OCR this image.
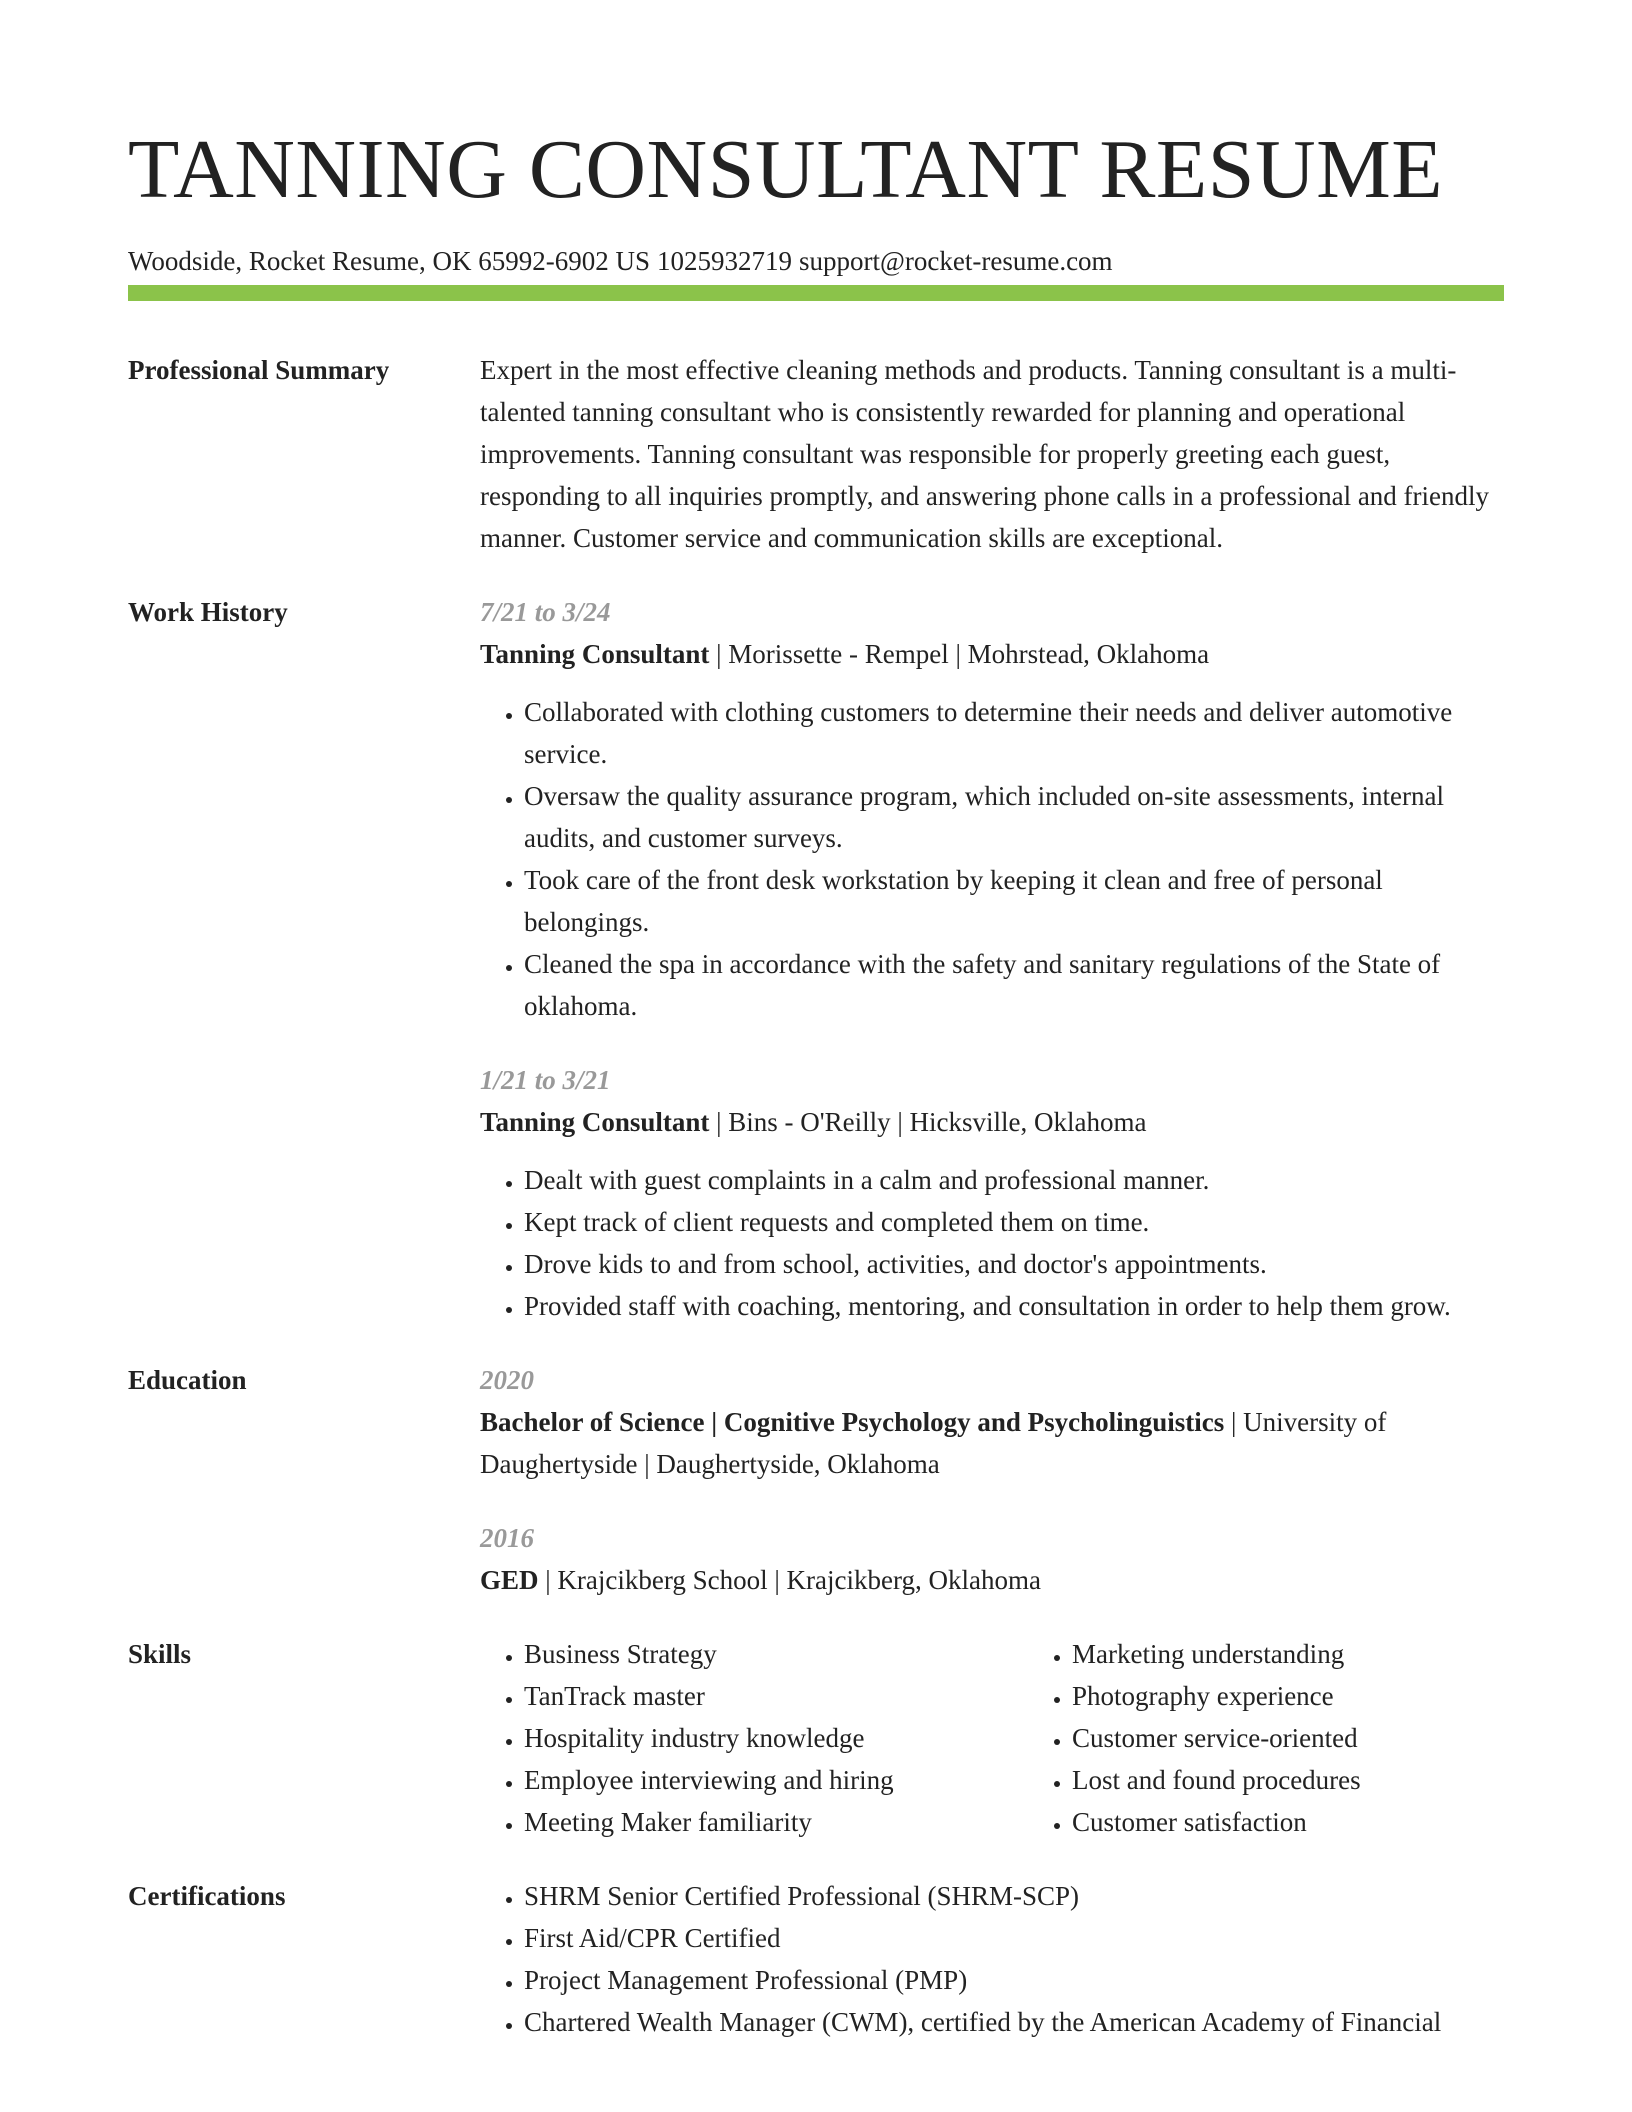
TANNING CONSULTANT RESUME
Woodside, Rocket Resume, OK 65992-6902 US 1025932719 support@rocket-resume.com
Professional Summary	Expert in the most effective cleaning methods and products. Tanning consultant is a multi-talented tanning consultant who is consistently rewarded for planning and operational improvements. Tanning consultant was responsible for properly greeting each guest, responding to all inquiries promptly, and answering phone calls in a professional and friendly manner. Customer service and communication skills are exceptional.

Work History	7/21 to 3/24
Tanning Consultant | Morissette - Rempel | Mohrstead, Oklahoma
• Collaborated with clothing customers to determine their needs and deliver automotive service.
• Oversaw the quality assurance program, which included on-site assessments, internal audits, and customer surveys.
• Took care of the front desk workstation by keeping it clean and free of personal belongings.
• Cleaned the spa in accordance with the safety and sanitary regulations of the State of oklahoma.
1/21 to 3/21
Tanning Consultant | Bins - O'Reilly | Hicksville, Oklahoma
• Dealt with guest complaints in a calm and professional manner.
• Kept track of client requests and completed them on time.
• Drove kids to and from school, activities, and doctor's appointments.
• Provided staff with coaching, mentoring, and consultation in order to help them grow.
Education	2020
Bachelor of Science | Cognitive Psychology and Psycholinguistics | University of Daughertyside | Daughertyside, Oklahoma
2016
GED | Krajcikberg School | Krajcikberg, Oklahoma
Skills	• Business Strategy
• TanTrack master
• Hospitality industry knowledge
• Employee interviewing and hiring
• Meeting Maker familiarity
• Marketing understanding
• Photography experience
• Customer service-oriented
• Lost and found procedures
• Customer satisfaction
Certifications	• SHRM Senior Certified Professional (SHRM-SCP)
• First Aid/CPR Certified
• Project Management Professional (PMP)
• Chartered Wealth Manager (CWM), certified by the American Academy of Financial
